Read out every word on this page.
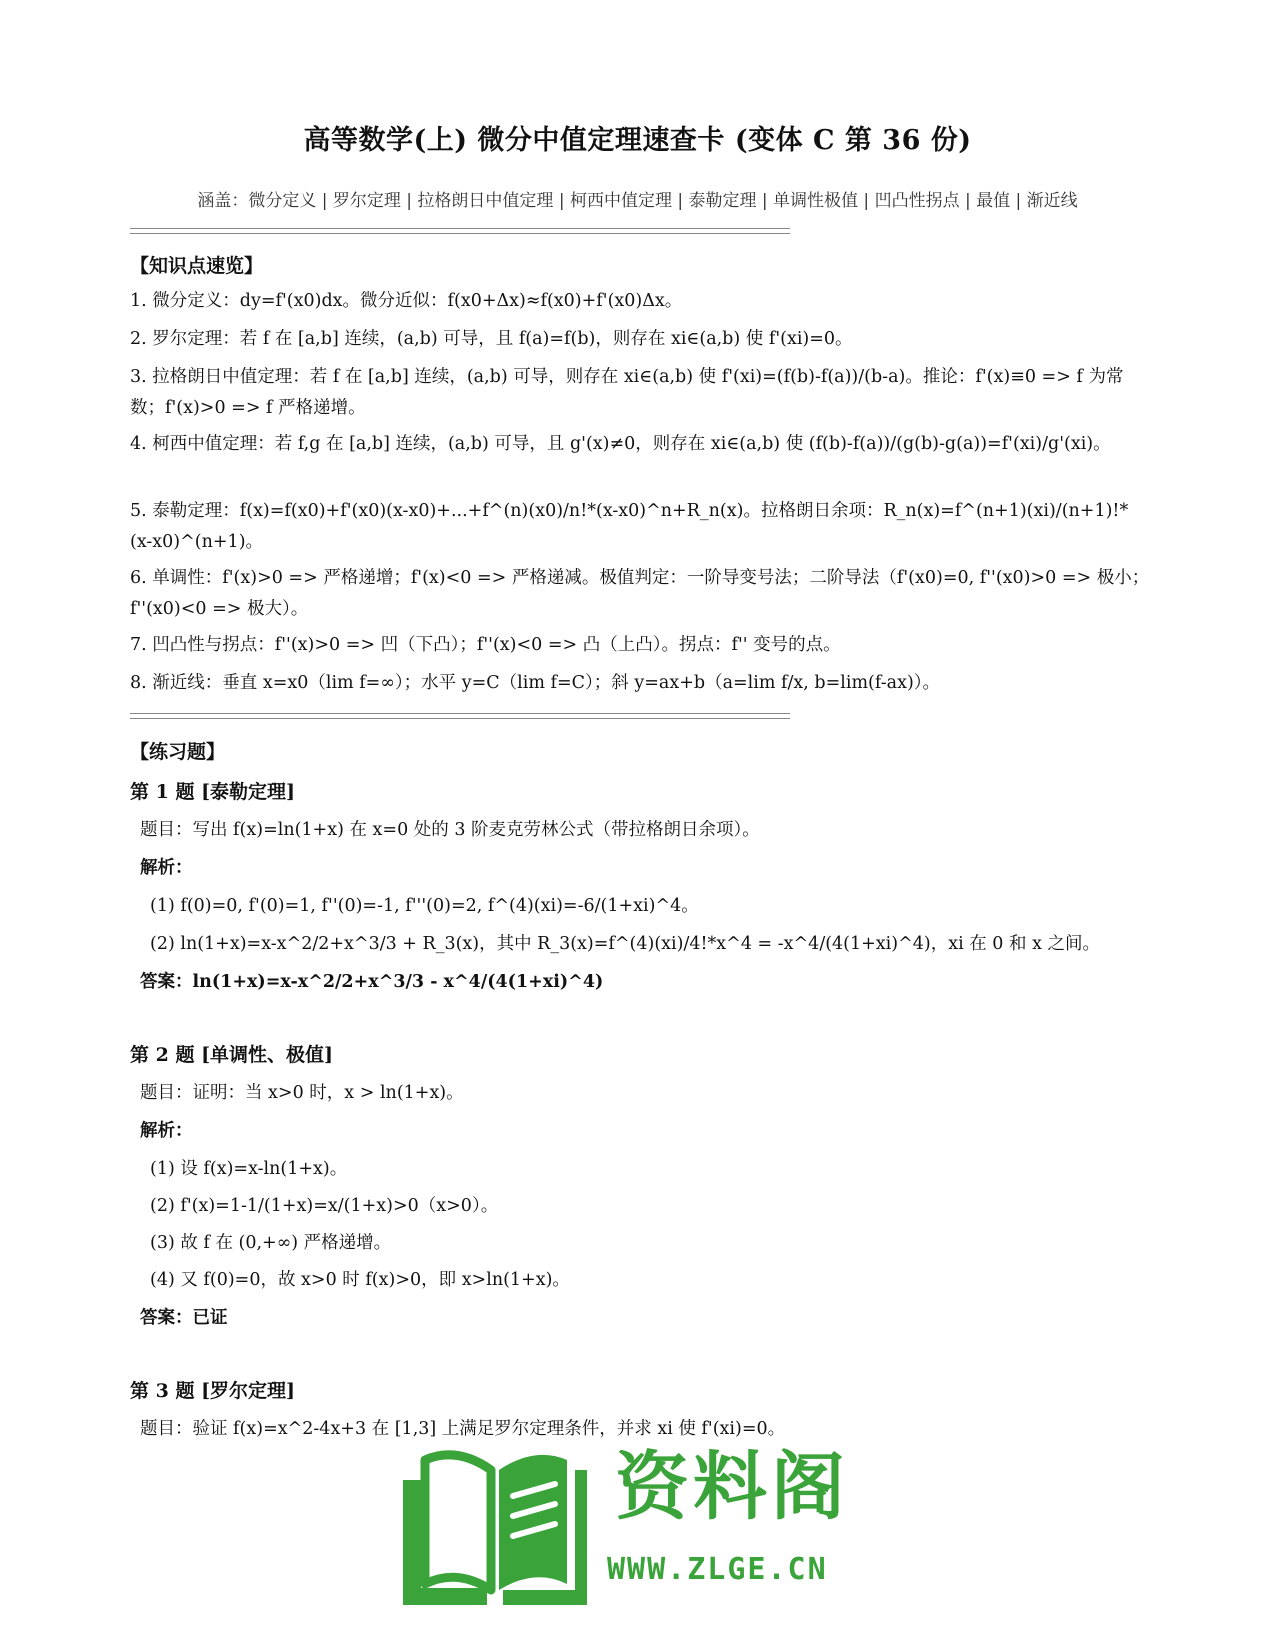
高等数学(上) 微分中值定理速查卡 (变体 C 第 36 份)
涵盖：微分定义 | 罗尔定理 | 拉格朗日中值定理 | 柯西中值定理 | 泰勒定理 | 单调性极值 | 凹凸性拐点 | 最值 | 渐近线
【知识点速览】
1. 微分定义：dy=f'(x0)dx。微分近似：f(x0+Δx)≈f(x0)+f'(x0)Δx。
2. 罗尔定理：若 f 在 [a,b] 连续，(a,b) 可导，且 f(a)=f(b)，则存在 xi∈(a,b) 使 f'(xi)=0。
3. 拉格朗日中值定理：若 f 在 [a,b] 连续，(a,b) 可导，则存在 xi∈(a,b) 使 f'(xi)=(f(b)-f(a))/(b-a)。推论：f'(x)≡0 => f 为常数；f'(x)>0 => f 严格递增。
4. 柯西中值定理：若 f,g 在 [a,b] 连续，(a,b) 可导，且 g'(x)≠0，则存在 xi∈(a,b) 使 (f(b)-f(a))/(g(b)-g(a))=f'(xi)/g'(xi)。
5. 泰勒定理：f(x)=f(x0)+f'(x0)(x-x0)+...+f^(n)(x0)/n!*(x-x0)^n+R_n(x)。拉格朗日余项：R_n(x)=f^(n+1)(xi)/(n+1)!*(x-x0)^(n+1)。
6. 单调性：f'(x)>0 => 严格递增；f'(x)<0 => 严格递减。极值判定：一阶导变号法；二阶导法（f'(x0)=0, f''(x0)>0 => 极小；f''(x0)<0 => 极大）。
7. 凹凸性与拐点：f''(x)>0 => 凹（下凸）；f''(x)<0 => 凸（上凸）。拐点：f'' 变号的点。
8. 渐近线：垂直 x=x0（lim f=∞）；水平 y=C（lim f=C）；斜 y=ax+b（a=lim f/x, b=lim(f-ax)）。
【练习题】
第 1 题 [泰勒定理]
题目：写出 f(x)=ln(1+x) 在 x=0 处的 3 阶麦克劳林公式（带拉格朗日余项）。
解析：
(1) f(0)=0, f'(0)=1, f''(0)=-1, f'''(0)=2, f^(4)(xi)=-6/(1+xi)^4。
(2) ln(1+x)=x-x^2/2+x^3/3 + R_3(x)，其中 R_3(x)=f^(4)(xi)/4!*x^4 = -x^4/(4(1+xi)^4)，xi 在 0 和 x 之间。
答案：ln(1+x)=x-x^2/2+x^3/3 - x^4/(4(1+xi)^4)
第 2 题 [单调性、极值]
题目：证明：当 x>0 时，x > ln(1+x)。
解析：
(1) 设 f(x)=x-ln(1+x)。
(2) f'(x)=1-1/(1+x)=x/(1+x)>0（x>0）。
(3) 故 f 在 (0,+∞) 严格递增。
(4) 又 f(0)=0，故 x>0 时 f(x)>0，即 x>ln(1+x)。
答案：已证
第 3 题 [罗尔定理]
题目：验证 f(x)=x^2-4x+3 在 [1,3] 上满足罗尔定理条件，并求 xi 使 f'(xi)=0。
资料阁
WWW.ZLGE.CN
